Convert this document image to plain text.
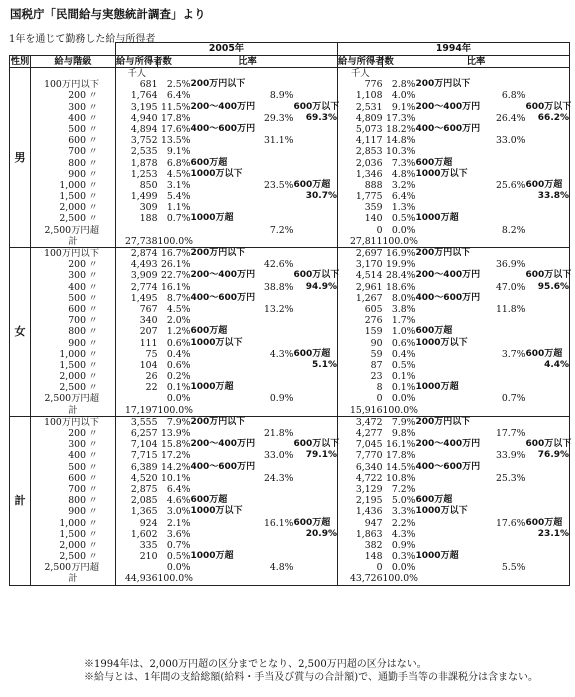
国税庁「民間給与実態統計調査」より
1年を通じて勤務した給与所得者
		2005年					1994年				
性別	給与階級	給与所得者数	比率				給与所得者数	比率			
男		千人					千人				
	100万円以下	681	2.5%	200万円以下			776	2.8%	200万円以下		
	200 〃	1,764	6.4%		8.9%		1,108	4.0%		6.8%	
	300 〃	3,195	11.5%	200～400万円		600万以下	2,531	9.1%	200～400万円		600万以下
	400 〃	4,940	17.8%		29.3%	69.3%	4,809	17.3%		26.4%	66.2%
	500 〃	4,894	17.6%	400～600万円			5,073	18.2%	400～600万円		
	600 〃	3,752	13.5%		31.1%		4,117	14.8%		33.0%	
	700 〃	2,535	9.1%				2,853	10.3%			
	800 〃	1,878	6.8%	600万超			2,036	7.3%	600万超		
	900 〃	1,253	4.5%	1000万以下			1,346	4.8%	1000万以下		
	1,000 〃	850	3.1%		23.5%	600万超	888	3.2%		25.6%	600万超
	1,500 〃	1,499	5.4%			30.7%	1,775	6.4%			33.8%
	2,000 〃	309	1.1%				359	1.3%			
	2,500 〃	188	0.7%	1000万超			140	0.5%	1000万超		
	2,500万円超				7.2%		0	0.0%		8.2%	
	計	27,738	100.0%				27,811	100.0%			
女											
	100万円以下	2,874	16.7%	200万円以下			2,697	16.9%	200万円以下		
	200 〃	4,493	26.1%		42.6%		3,170	19.9%		36.9%	
	300 〃	3,909	22.7%	200～400万円		600万以下	4,514	28.4%	200～400万円		600万以下
	400 〃	2,774	16.1%		38.8%	94.9%	2,961	18.6%		47.0%	95.6%
	500 〃	1,495	8.7%	400～600万円			1,267	8.0%	400～600万円		
	600 〃	767	4.5%		13.2%		605	3.8%		11.8%	
	700 〃	340	2.0%				276	1.7%			
	800 〃	207	1.2%	600万超			159	1.0%	600万超		
	900 〃	111	0.6%	1000万以下			90	0.6%	1000万以下		
	1,000 〃	75	0.4%		4.3%	600万超	59	0.4%		3.7%	600万超
	1,500 〃	104	0.6%			5.1%	87	0.5%			4.4%
	2,000 〃	26	0.2%				23	0.1%			
	2,500 〃	22	0.1%	1000万超			8	0.1%	1000万超		
	2,500万円超		0.0%		0.9%		0	0.0%		0.7%	
	計	17,197	100.0%				15,916	100.0%			
計											
	100万円以下	3,555	7.9%	200万円以下			3,472	7.9%	200万円以下		
	200 〃	6,257	13.9%		21.8%		4,277	9.8%		17.7%	
	300 〃	7,104	15.8%	200～400万円		600万以下	7,045	16.1%	200～400万円		600万以下
	400 〃	7,715	17.2%		33.0%	79.1%	7,770	17.8%		33.9%	76.9%
	500 〃	6,389	14.2%	400～600万円			6,340	14.5%	400～600万円		
	600 〃	4,520	10.1%		24.3%		4,722	10.8%		25.3%	
	700 〃	2,875	6.4%				3,129	7.2%			
	800 〃	2,085	4.6%	600万超			2,195	5.0%	600万超		
	900 〃	1,365	3.0%	1000万以下			1,436	3.3%	1000万以下		
	1,000 〃	924	2.1%		16.1%	600万超	947	2.2%		17.6%	600万超
	1,500 〃	1,602	3.6%			20.9%	1,863	4.3%			23.1%
	2,000 〃	335	0.7%				382	0.9%			
	2,500 〃	210	0.5%	1000万超			148	0.3%	1000万超		
	2,500万円超		0.0%		4.8%		0	0.0%		5.5%	
	計	44,936	100.0%				43,726	100.0%			
※1994年は、2,000万円超の区分までとなり、2,500万円超の区分はない。
※給与とは、1年間の支給総額(給料・手当及び賞与の合計額)で、通勤手当等の非課税分は含まない。
